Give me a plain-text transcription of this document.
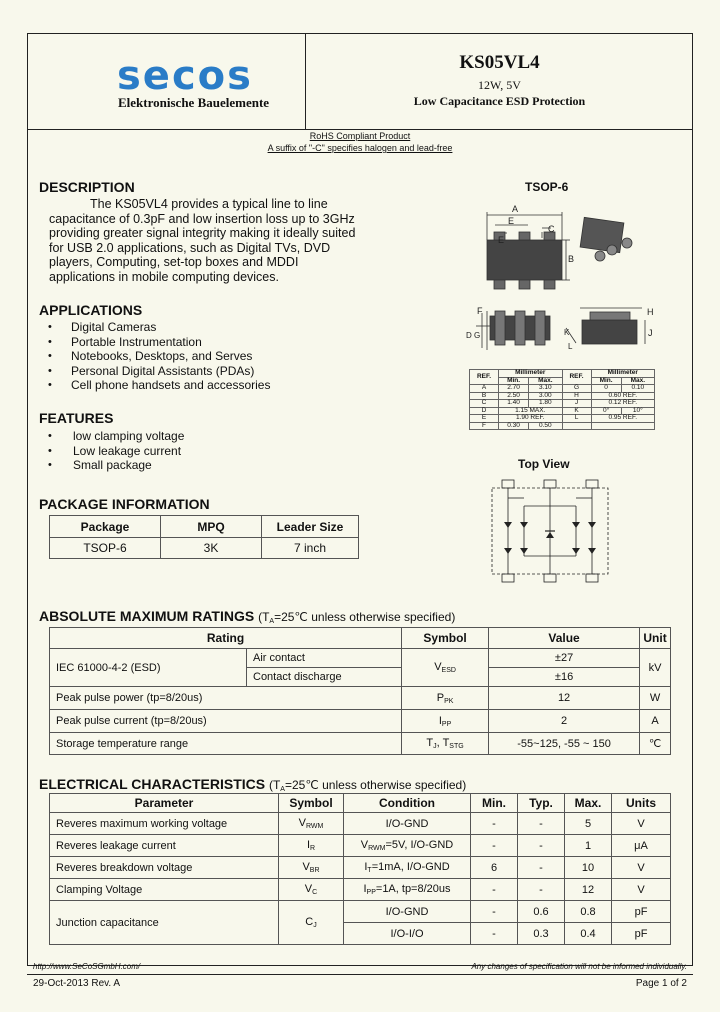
secos
Elektronische Bauelemente
KS05VL4
12W, 5V
Low Capacitance ESD Protection
RoHS Compliant Product
A suffix of "-C" specifies halogen and lead-free
DESCRIPTION
The KS05VL4 provides a typical line to line capacitance of 0.3pF and low insertion loss up to 3GHz providing greater signal integrity making it ideally suited for USB 2.0 applications, such as Digital TVs, DVD players, Computing, set-top boxes and MDDI applications in mobile computing devices.
APPLICATIONS
• Digital Cameras
• Portable Instrumentation
• Notebooks, Desktops, and Serves
• Personal Digital Assistants (PDAs)
• Cell phone handsets and accessories
FEATURES
• low clamping voltage
• Low leakage current
• Small package
PACKAGE INFORMATION
Package	MPQ	Leader Size
TSOP-6	3K	7 inch
TSOP-6
A
E
E
C
B
F
D G
H
J
K
L
REF.	Millimeter		REF.	Millimeter	
	Min.	Max.		Min.	Max.
A	2.70	3.10	G	0	0.10
B	2.50	3.00	H	0.60 REF.	
C	1.40	1.80	J	0.12 REF.	
D	1.15 MAX.		K	0°	10°
E	1.90 REF.		L	0.95 REF.	
F	0.30	0.50			
Top View
ABSOLUTE MAXIMUM RATINGS ($T_A=25℃$ unless otherwise specified)
Rating		Symbol	Value	Unit
IEC 61000-4-2 (ESD)	Air contact	$V_{ESD}$	±27	kV
	Contact discharge		±16	
Peak pulse power (tp=8/20us)		$P_{PK}$	12	W
Peak pulse current (tp=8/20us)		$I_{PP}$	2	A
Storage temperature range		$T_J$, $T_{STG}$	-55~125, -55 ~ 150	℃
ELECTRICAL CHARACTERISTICS ($T_A=25℃$ unless otherwise specified)
Parameter	Symbol	Condition	Min.	Typ.	Max.	Units
Reveres maximum working voltage	$V_{RWM}$	I/O-GND	-	-	5	V
Reveres leakage current	$I_R$	$V_{RWM}=5V$, I/O-GND	-	-	1	μA
Reveres breakdown voltage	$V_{BR}$	$I_T=1mA$, I/O-GND	6	-	10	V
Clamping Voltage	$V_C$	$I_{PP}=1A$, tp=8/20us	-	-	12	V
Junction capacitance	$C_J$	I/O-GND	-	0.6	0.8	pF
		I/O-I/O	-	0.3	0.4	pF
http://www.SeCoSGmbH.com/	Any changes of specification will not be informed individually.
29-Oct-2013 Rev. A	Page 1 of 2
